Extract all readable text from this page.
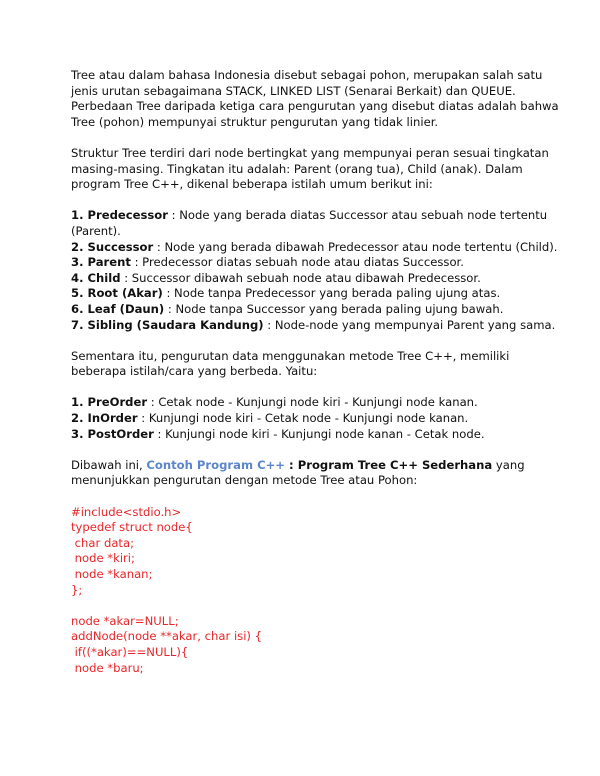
Tree atau dalam bahasa Indonesia disebut sebagai pohon, merupakan salah satu jenis urutan sebagaimana STACK, LINKED LIST (Senarai Berkait) dan QUEUE. Perbedaan Tree daripada ketiga cara pengurutan yang disebut diatas adalah bahwa Tree (pohon) mempunyai struktur pengurutan yang tidak linier.

Struktur Tree terdiri dari node bertingkat yang mempunyai peran sesuai tingkatan masing-masing. Tingkatan itu adalah: Parent (orang tua), Child (anak). Dalam program Tree C++, dikenal beberapa istilah umum berikut ini:

1. Predecessor : Node yang berada diatas Successor atau sebuah node tertentu (Parent).

2. Successor : Node yang berada dibawah Predecessor atau node tertentu (Child).

3. Parent : Predecessor diatas sebuah node atau diatas Successor.

4. Child : Successor dibawah sebuah node atau dibawah Predecessor.

5. Root (Akar) : Node tanpa Predecessor yang berada paling ujung atas.

6. Leaf (Daun) : Node tanpa Successor yang berada paling ujung bawah.

7. Sibling (Saudara Kandung) : Node-node yang mempunyai Parent yang sama.

Sementara itu, pengurutan data menggunakan metode Tree C++, memiliki beberapa istilah/cara yang berbeda. Yaitu:

1. PreOrder : Cetak node - Kunjungi node kiri - Kunjungi node kanan.

2. InOrder : Kunjungi node kiri - Cetak node - Kunjungi node kanan.

3. PostOrder : Kunjungi node kiri - Kunjungi node kanan - Cetak node.

Dibawah ini, Contoh Program C++ : Program Tree C++ Sederhana yang menunjukkan pengurutan dengan metode Tree atau Pohon:

#include<stdio.h>

typedef struct node{

char data;

node *kiri;

node *kanan;

};

node *akar=NULL;

addNode(node **akar, char isi) {

if((*akar)==NULL){

node *baru;
